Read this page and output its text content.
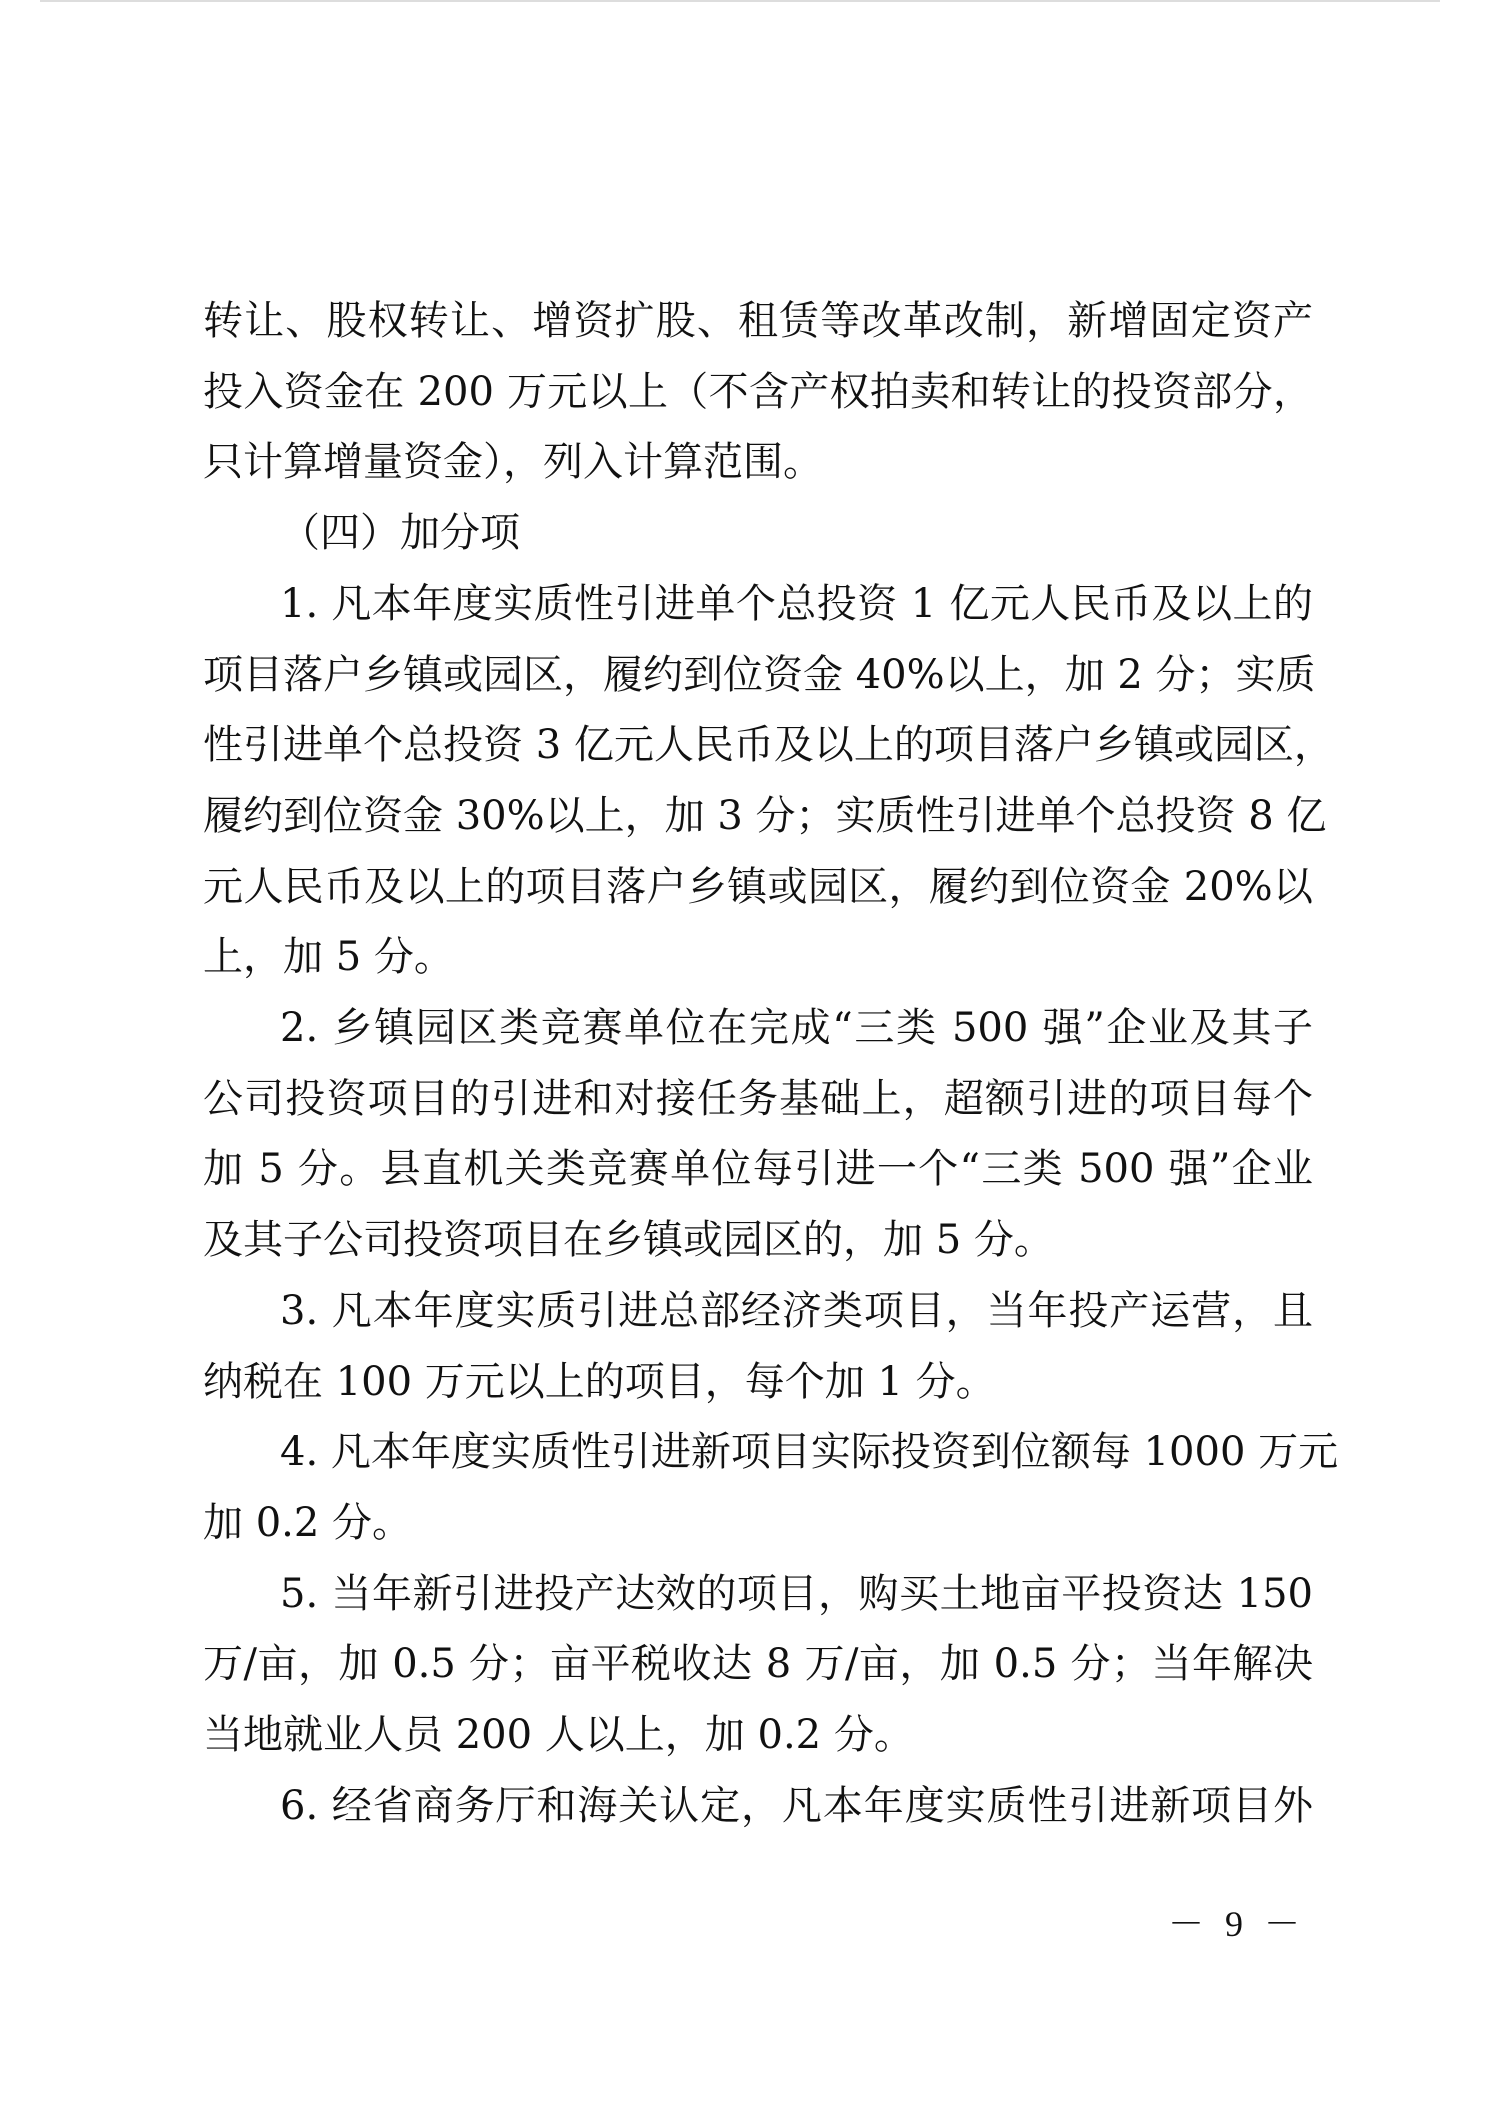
转让、股权转让、增资扩股、租赁等改革改制，新增固定资产
投入资金在 200 万元以上（不含产权拍卖和转让的投资部分，
只计算增量资金），列入计算范围。
（四）加分项
1. 凡本年度实质性引进单个总投资 1 亿元人民币及以上的
项目落户乡镇或园区，履约到位资金 40%以上，加 2 分；实质
性引进单个总投资 3 亿元人民币及以上的项目落户乡镇或园区，
履约到位资金 30%以上，加 3 分；实质性引进单个总投资 8 亿
元人民币及以上的项目落户乡镇或园区，履约到位资金 20%以
上，加 5 分。
2. 乡镇园区类竞赛单位在完成“三类 500 强”企业及其子
公司投资项目的引进和对接任务基础上，超额引进的项目每个
加 5 分。县直机关类竞赛单位每引进一个“三类 500 强”企业
及其子公司投资项目在乡镇或园区的，加 5 分。
3. 凡本年度实质引进总部经济类项目，当年投产运营，且
纳税在 100 万元以上的项目，每个加 1 分。
4. 凡本年度实质性引进新项目实际投资到位额每 1000 万元
加 0.2 分。
5. 当年新引进投产达效的项目，购买土地亩平投资达 150
万/亩，加 0.5 分；亩平税收达 8 万/亩，加 0.5 分；当年解决
当地就业人员 200 人以上，加 0.2 分。
6. 经省商务厅和海关认定，凡本年度实质性引进新项目外
－ 9 －
